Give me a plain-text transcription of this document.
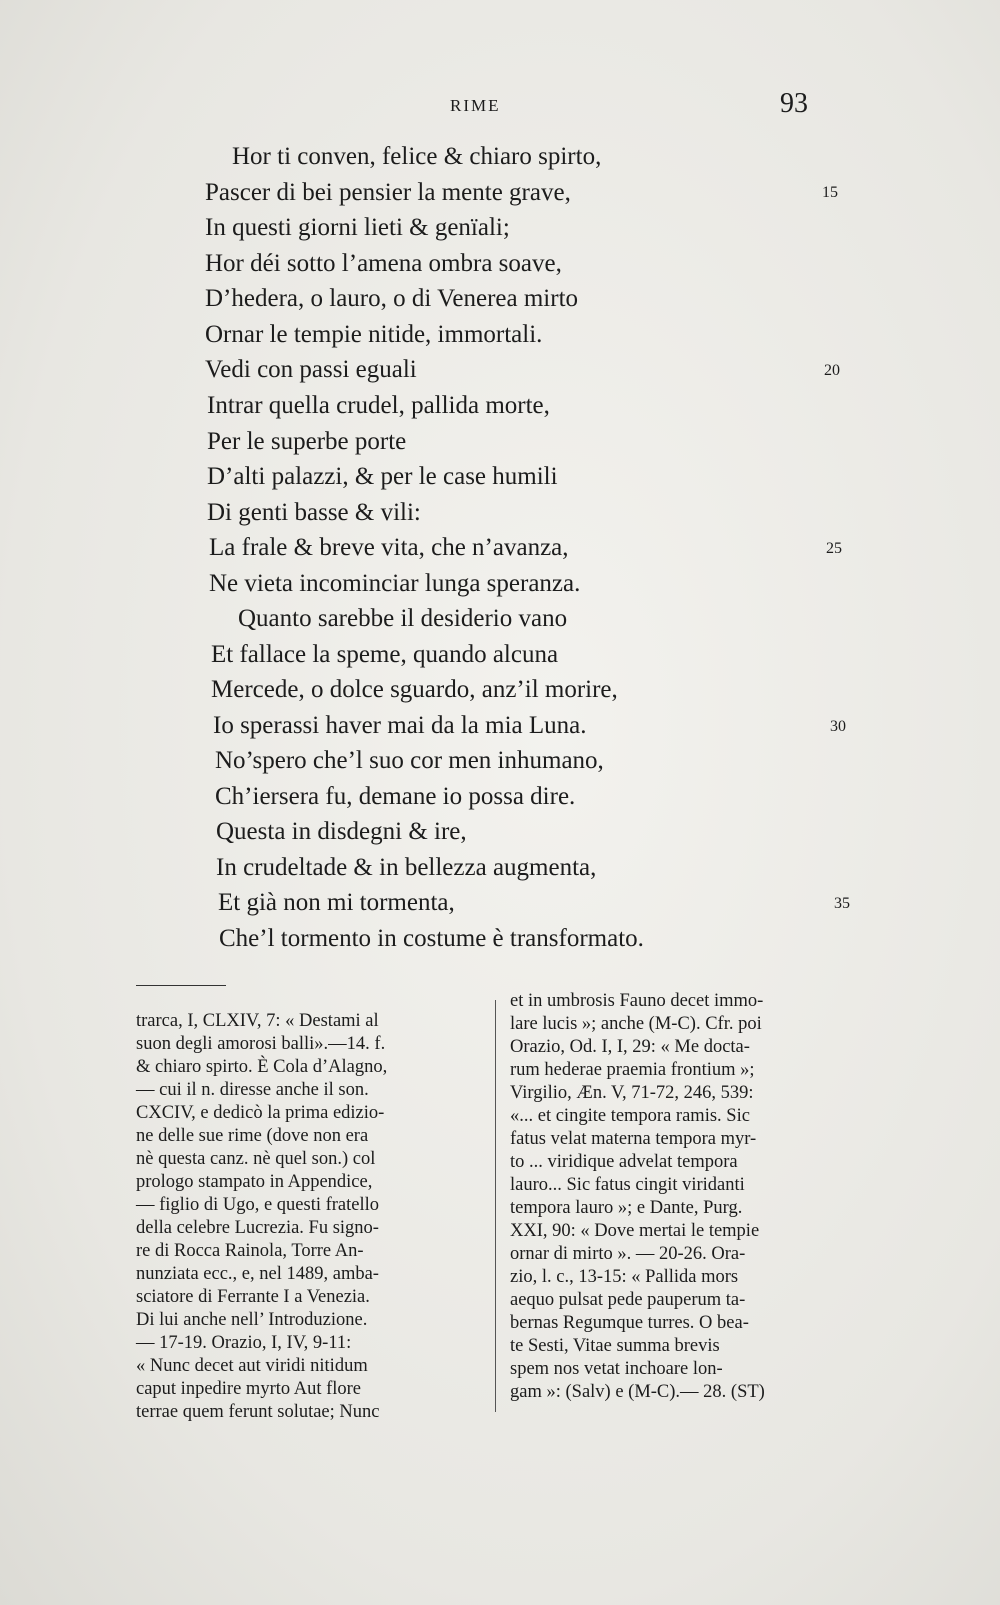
RIME	93
Hor ti conven, felice & chiaro spirto,
Pascer di bei pensier la mente grave,
In questi giorni lieti & genïali;
Hor déi sotto l’amena ombra soave,
D’hedera, o lauro, o di Venerea mirto
Ornar le tempie nitide, immortali.
Vedi con passi eguali
Intrar quella crudel, pallida morte,
Per le superbe porte
D’alti palazzi, & per le case humili
Di genti basse & vili:
La frale & breve vita, che n’avanza,
Ne vieta incominciar lunga speranza.
Quanto sarebbe il desiderio vano
Et fallace la speme, quando alcuna
Mercede, o dolce sguardo, anz’il morire,
Io sperassi haver mai da la mia Luna.
No’spero che’l suo cor men inhumano,
Ch’iersera fu, demane io possa dire.
Questa in disdegni & ire,
In crudeltade & in bellezza augmenta,
Et già non mi tormenta,
Che’l tormento in costume è transformato.
15
20
25
30
35
trarca, I, CLXIV, 7: « Destami al
suon degli amorosi balli».—14. f.
& chiaro spirto. È Cola d’Alagno,
— cui il n. diresse anche il son.
CXCIV, e dedicò la prima edizio-
ne delle sue rime (dove non era
nè questa canz. nè quel son.) col
prologo stampato in Appendice,
— figlio di Ugo, e questi fratello
della celebre Lucrezia. Fu signo-
re di Rocca Rainola, Torre An-
nunziata ecc., e, nel 1489, amba-
sciatore di Ferrante I a Venezia.
Di lui anche nell’ Introduzione.
— 17-19. Orazio, I, IV, 9-11:
« Nunc decet aut viridi nitidum
caput inpedire myrto Aut flore
terrae quem ferunt solutae; Nunc
et in umbrosis Fauno decet immo-
lare lucis »; anche (M-C). Cfr. poi
Orazio, Od. I, I, 29: « Me docta-
rum hederae praemia frontium »;
Virgilio, Æn. V, 71-72, 246, 539:
«... et cingite tempora ramis. Sic
fatus velat materna tempora myr-
to ... viridique advelat tempora
lauro... Sic fatus cingit viridanti
tempora lauro »; e Dante, Purg.
XXI, 90: « Dove mertai le tempie
ornar di mirto ». — 20-26. Ora-
zio, l. c., 13-15: « Pallida mors
aequo pulsat pede pauperum ta-
bernas Regumque turres. O bea-
te Sesti, Vitae summa brevis
spem nos vetat inchoare lon-
gam »: (Salv) e (M-C).— 28. (ST)
